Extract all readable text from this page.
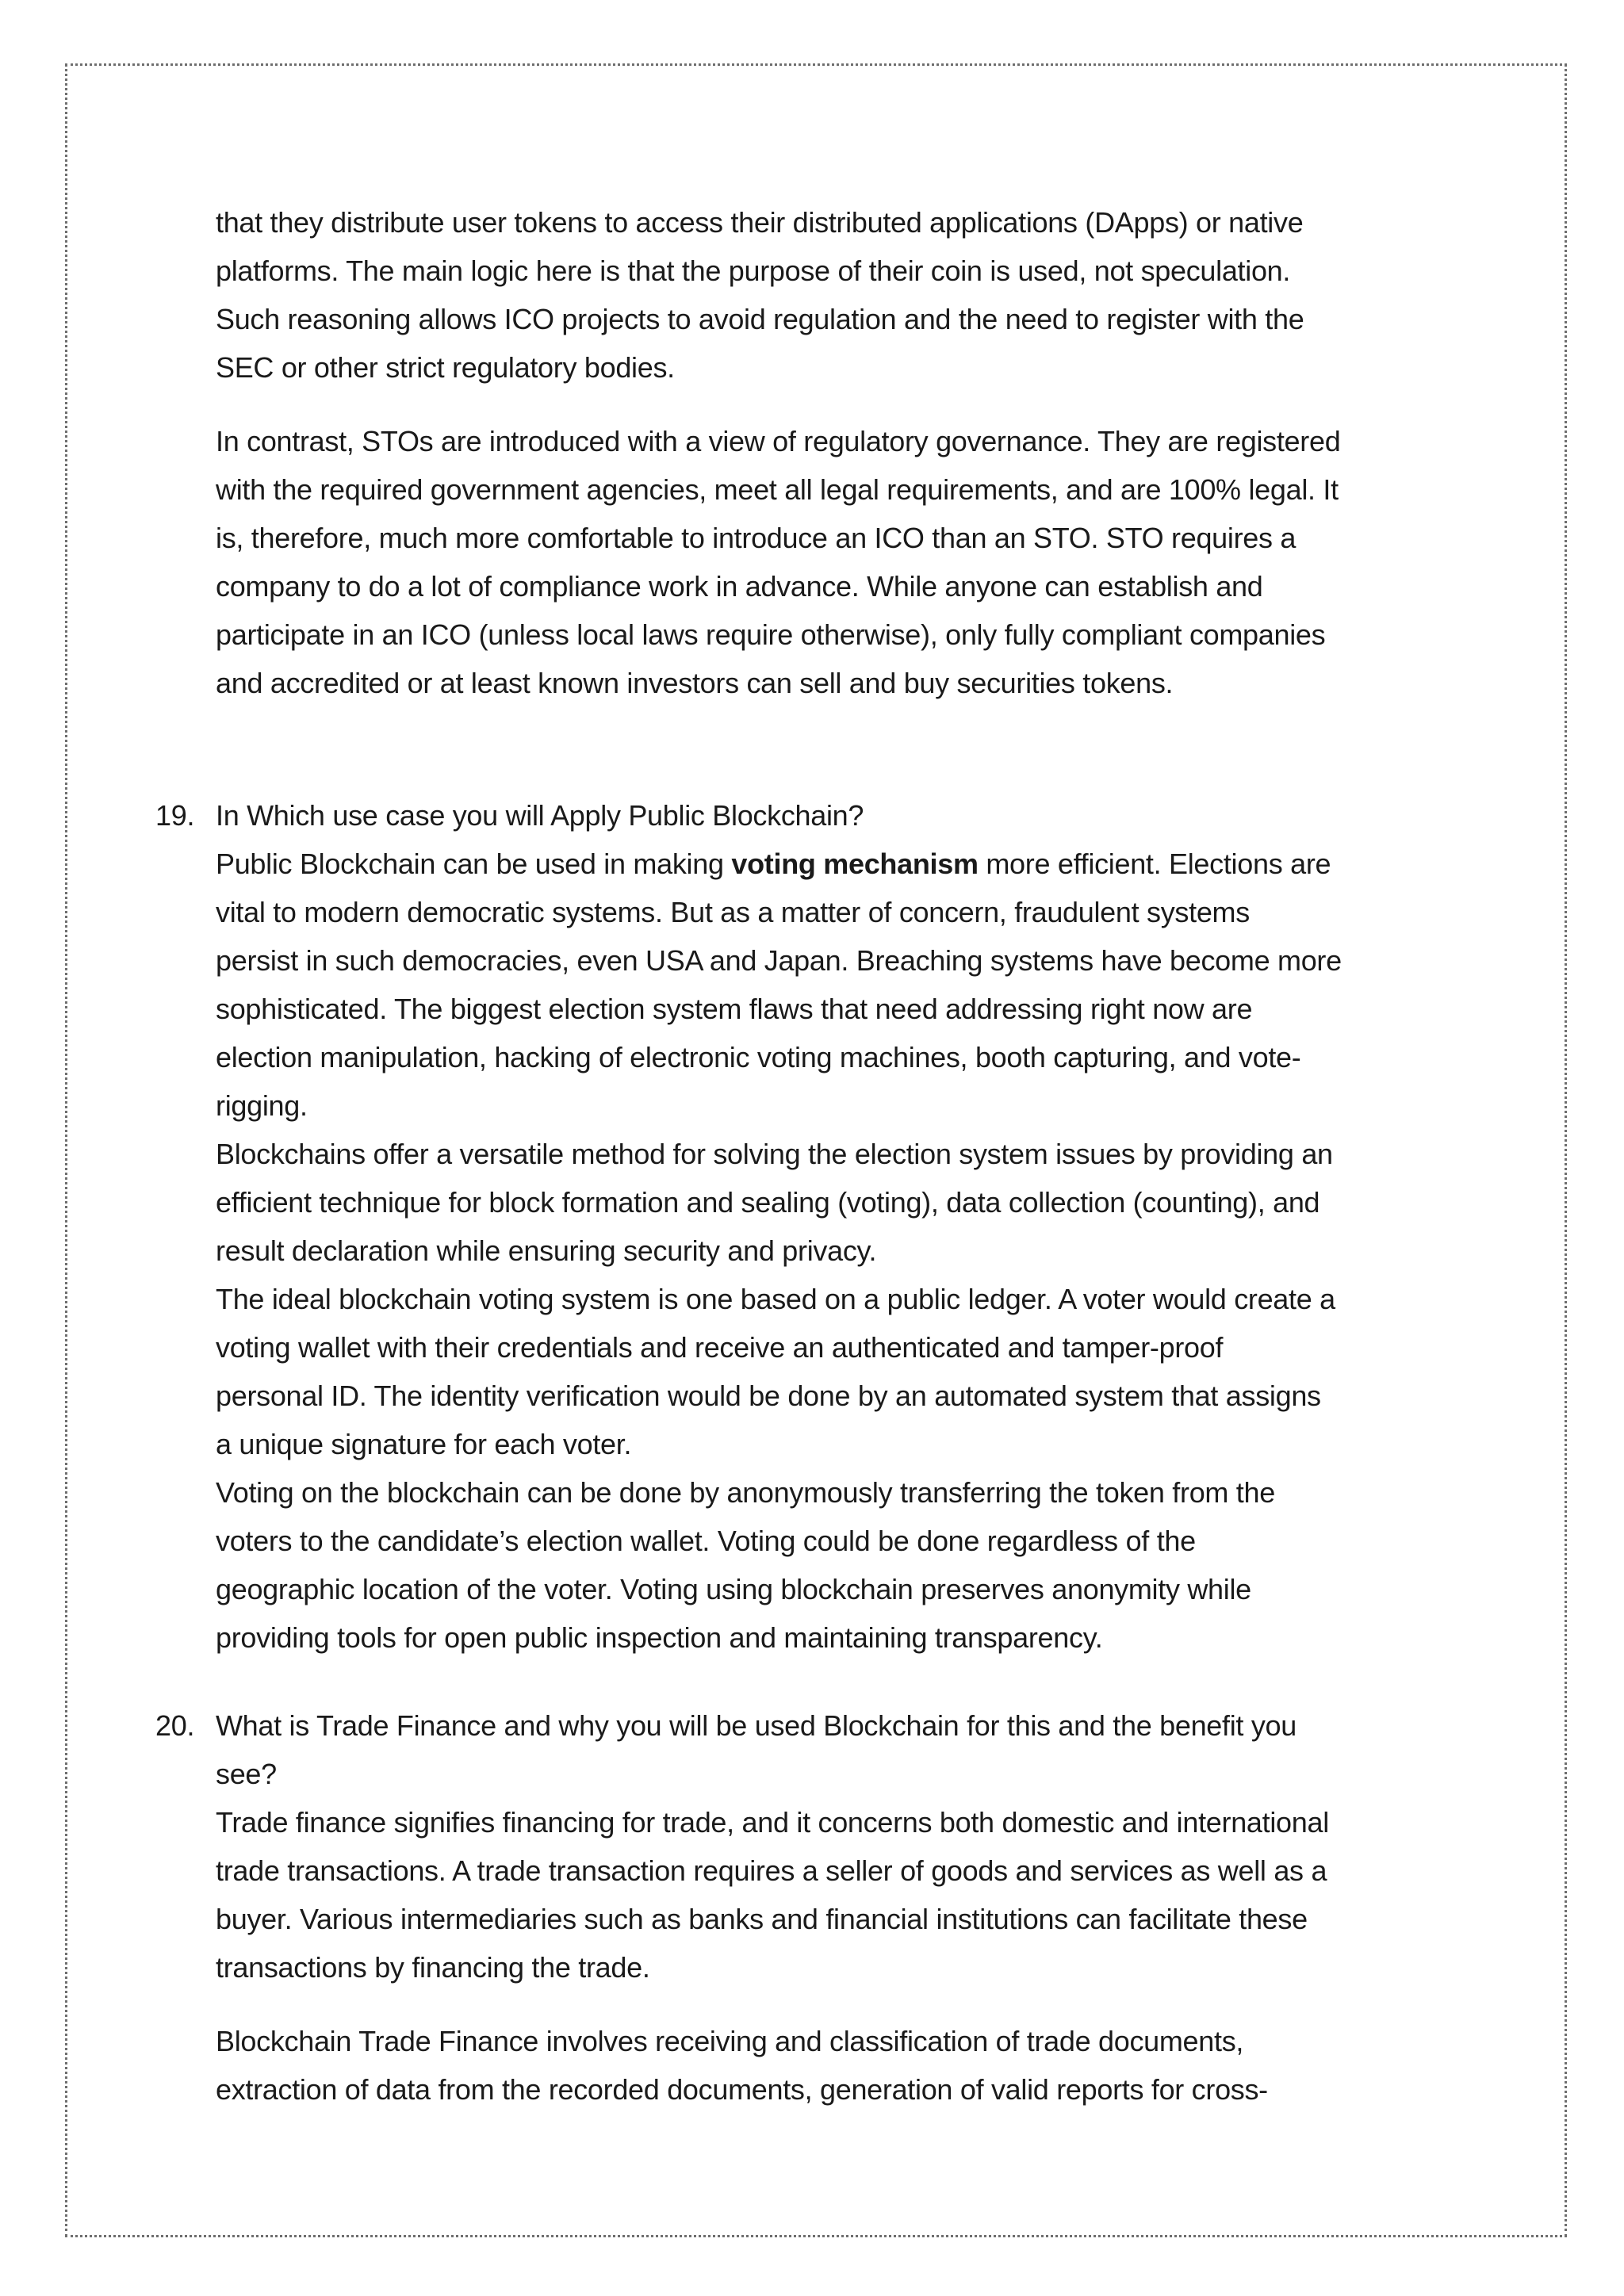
that they distribute user tokens to access their distributed applications (DApps) or native
platforms. The main logic here is that the purpose of their coin is used, not speculation.
Such reasoning allows ICO projects to avoid regulation and the need to register with the
SEC or other strict regulatory bodies.

In contrast, STOs are introduced with a view of regulatory governance. They are registered
with the required government agencies, meet all legal requirements, and are 100% legal. It
is, therefore, much more comfortable to introduce an ICO than an STO. STO requires a
company to do a lot of compliance work in advance. While anyone can establish and
participate in an ICO (unless local laws require otherwise), only fully compliant companies
and accredited or at least known investors can sell and buy securities tokens.

19. In Which use case you will Apply Public Blockchain?
Public Blockchain can be used in making voting mechanism more efficient. Elections are
vital to modern democratic systems. But as a matter of concern, fraudulent systems
persist in such democracies, even USA and Japan. Breaching systems have become more
sophisticated. The biggest election system flaws that need addressing right now are
election manipulation, hacking of electronic voting machines, booth capturing, and vote-
rigging.
Blockchains offer a versatile method for solving the election system issues by providing an
efficient technique for block formation and sealing (voting), data collection (counting), and
result declaration while ensuring security and privacy.
The ideal blockchain voting system is one based on a public ledger. A voter would create a
voting wallet with their credentials and receive an authenticated and tamper-proof
personal ID. The identity verification would be done by an automated system that assigns
a unique signature for each voter.
Voting on the blockchain can be done by anonymously transferring the token from the
voters to the candidate’s election wallet. Voting could be done regardless of the
geographic location of the voter. Voting using blockchain preserves anonymity while
providing tools for open public inspection and maintaining transparency.
20. What is Trade Finance and why you will be used Blockchain for this and the benefit you
see?
Trade finance signifies financing for trade, and it concerns both domestic and international
trade transactions. A trade transaction requires a seller of goods and services as well as a
buyer. Various intermediaries such as banks and financial institutions can facilitate these
transactions by financing the trade.
Blockchain Trade Finance involves receiving and classification of trade documents,
extraction of data from the recorded documents, generation of valid reports for cross-
